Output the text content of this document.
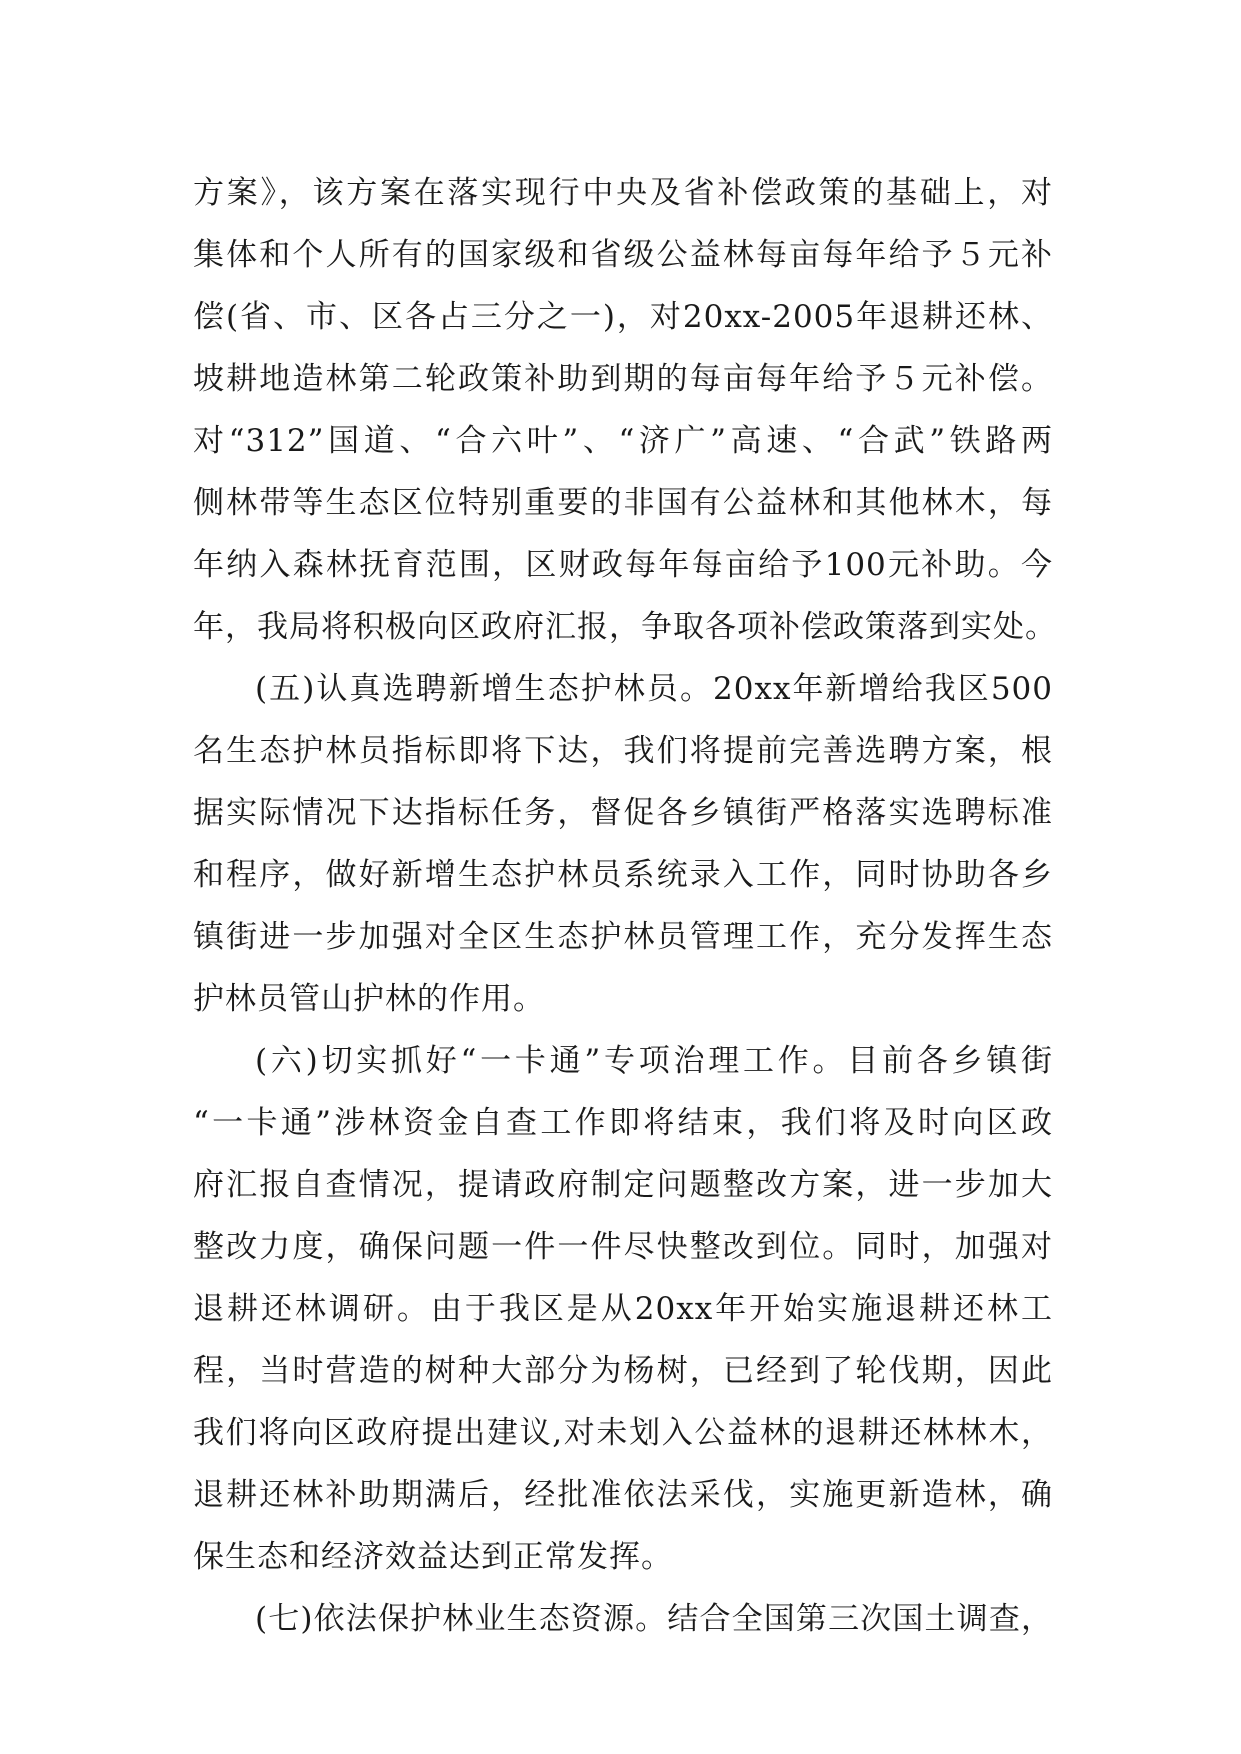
方案》，该方案在落实现行中央及省补偿政策的基础上，对
集体和个人所有的国家级和省级公益林每亩每年给予５元补
偿(省、市、区各占三分之一)，对20xx-2005年退耕还林、
坡耕地造林第二轮政策补助到期的每亩每年给予５元补偿。
对“312”国道、“合六叶”、“济广”高速、“合武”铁路两
侧林带等生态区位特别重要的非国有公益林和其他林木，每
年纳入森林抚育范围，区财政每年每亩给予100元补助。今
年，我局将积极向区政府汇报，争取各项补偿政策落到实处。
(五)认真选聘新增生态护林员。20xx年新增给我区500
名生态护林员指标即将下达，我们将提前完善选聘方案，根
据实际情况下达指标任务，督促各乡镇街严格落实选聘标准
和程序，做好新增生态护林员系统录入工作，同时协助各乡
镇街进一步加强对全区生态护林员管理工作，充分发挥生态
护林员管山护林的作用。
(六)切实抓好“一卡通”专项治理工作。目前各乡镇街
“一卡通”涉林资金自查工作即将结束，我们将及时向区政
府汇报自查情况，提请政府制定问题整改方案，进一步加大
整改力度，确保问题一件一件尽快整改到位。同时，加强对
退耕还林调研。由于我区是从20xx年开始实施退耕还林工
程，当时营造的树种大部分为杨树，已经到了轮伐期，因此
我们将向区政府提出建议,对未划入公益林的退耕还林林木，
退耕还林补助期满后，经批准依法采伐，实施更新造林，确
保生态和经济效益达到正常发挥。
(七)依法保护林业生态资源。结合全国第三次国土调查，
